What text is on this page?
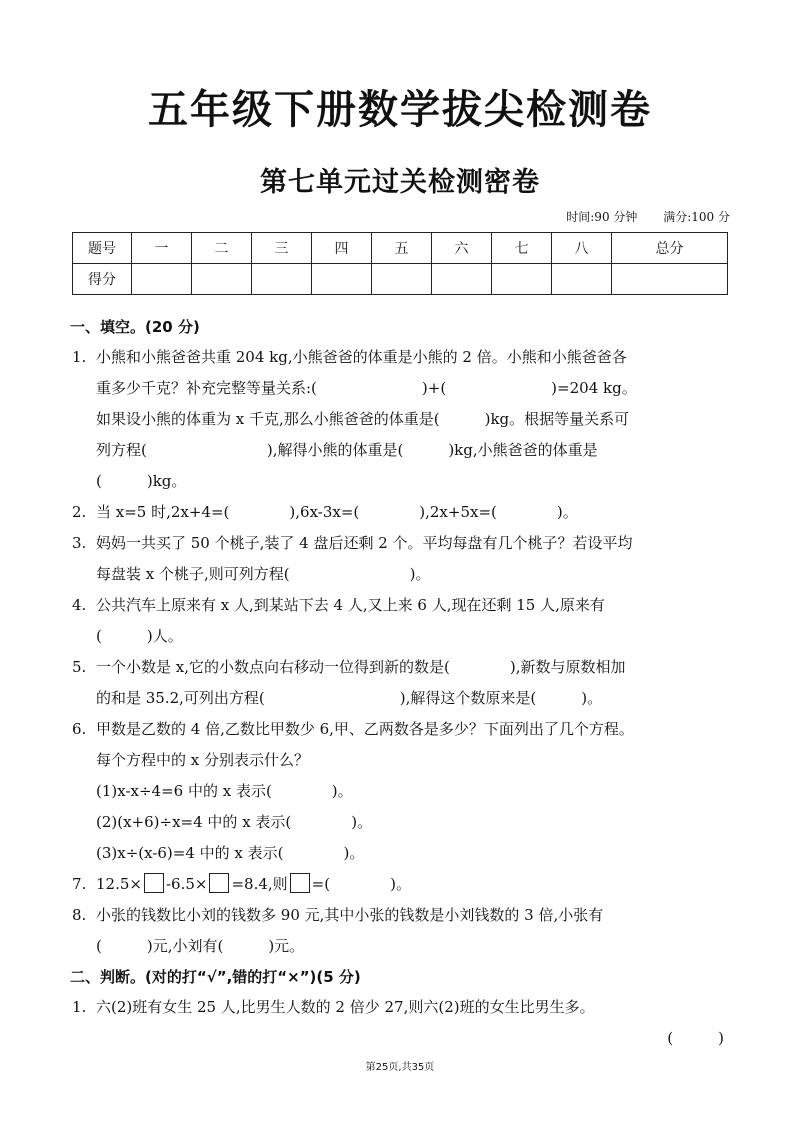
五年级下册数学拔尖检测卷
第七单元过关检测密卷
时间:90 分钟 满分:100 分
题号	一	二	三	四	五	六	七	八	总分
得分									
一、填空。(20 分)
1. 小熊和小熊爸爸共重 204 kg,小熊爸爸的体重是小熊的 2 倍。小熊和小熊爸爸各
重多少千克？补充完整等量关系:(　　　　　　　)+(　　　　　　　)=204 kg。
如果设小熊的体重为 x 千克,那么小熊爸爸的体重是(　　　)kg。根据等量关系可
列方程(　　　　　　　　),解得小熊的体重是(　　　)kg,小熊爸爸的体重是
(　　　)kg。
2. 当 x=5 时,2x+4=(　　　　),6x-3x=(　　　　),2x+5x=(　　　　)。
3. 妈妈一共买了 50 个桃子,装了 4 盘后还剩 2 个。平均每盘有几个桃子？若设平均
每盘装 x 个桃子,则可列方程(　　　　　　　　)。
4. 公共汽车上原来有 x 人,到某站下去 4 人,又上来 6 人,现在还剩 15 人,原来有
(　　　)人。
5. 一个小数是 x,它的小数点向右移动一位得到新的数是(　　　　),新数与原数相加
的和是 35.2,可列出方程(　　　　　　　　　),解得这个数原来是(　　　)。
6. 甲数是乙数的 4 倍,乙数比甲数少 6,甲、乙两数各是多少？下面列出了几个方程。
每个方程中的 x 分别表示什么？
(1)x-x÷4=6 中的 x 表示(　　　　)。
(2)(x+6)÷x=4 中的 x 表示(　　　　)。
(3)x÷(x-6)=4 中的 x 表示(　　　　)。
7. 12.5× -6.5× =8.4,则 =(　　　　)。
8. 小张的钱数比小刘的钱数多 90 元,其中小张的钱数是小刘钱数的 3 倍,小张有
(　　　)元,小刘有(　　　)元。
二、判断。(对的打“√”,错的打“×”)(5 分)
1. 六(2)班有女生 25 人,比男生人数的 2 倍少 27,则六(2)班的女生比男生多。
(　　　)
第25页,共35页
